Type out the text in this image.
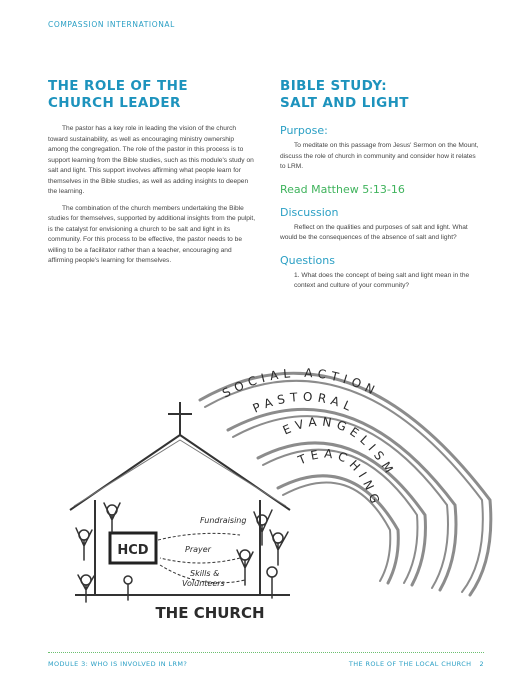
COMPASSION INTERNATIONAL
THE ROLE OF THE
CHURCH LEADER

The pastor has a key role in leading the vision of the church toward sustainability, as well as encouraging ministry ownership among the congregation. The role of the pastor in this process is to support learning from the Bible studies, such as this module's study on salt and light. This support involves affirming what people learn for themselves in the Bible studies, as well as adding insights to deepen the learning.

The combination of the church members undertaking the Bible studies for themselves, supported by additional insights from the pulpit, is the catalyst for envisioning a church to be salt and light in its community. For this process to be effective, the pastor needs to be willing to be a facilitator rather than a teacher, encouraging and affirming people's learning for themselves.

BIBLE STUDY:
SALT AND LIGHT
Purpose:

To meditate on this passage from Jesus' Sermon on the Mount, discuss the role of church in community and consider how it relates to LRM.

Read Matthew 5:13-16
Discussion

Reflect on the qualities and purposes of salt and light. What would be the consequences of the absence of salt and light?

Questions
1. What does the concept of being salt and light mean in the context and culture of your community?
SOCIAL ACTION
PASTORAL
EVANGELISM
TEACHING
HCD
Fundraising
Prayer
Skills &
Volunteers
THE CHURCH
MODULE 3: WHO IS INVOLVED IN LRM?	THE ROLE OF THE LOCAL CHURCH 2
